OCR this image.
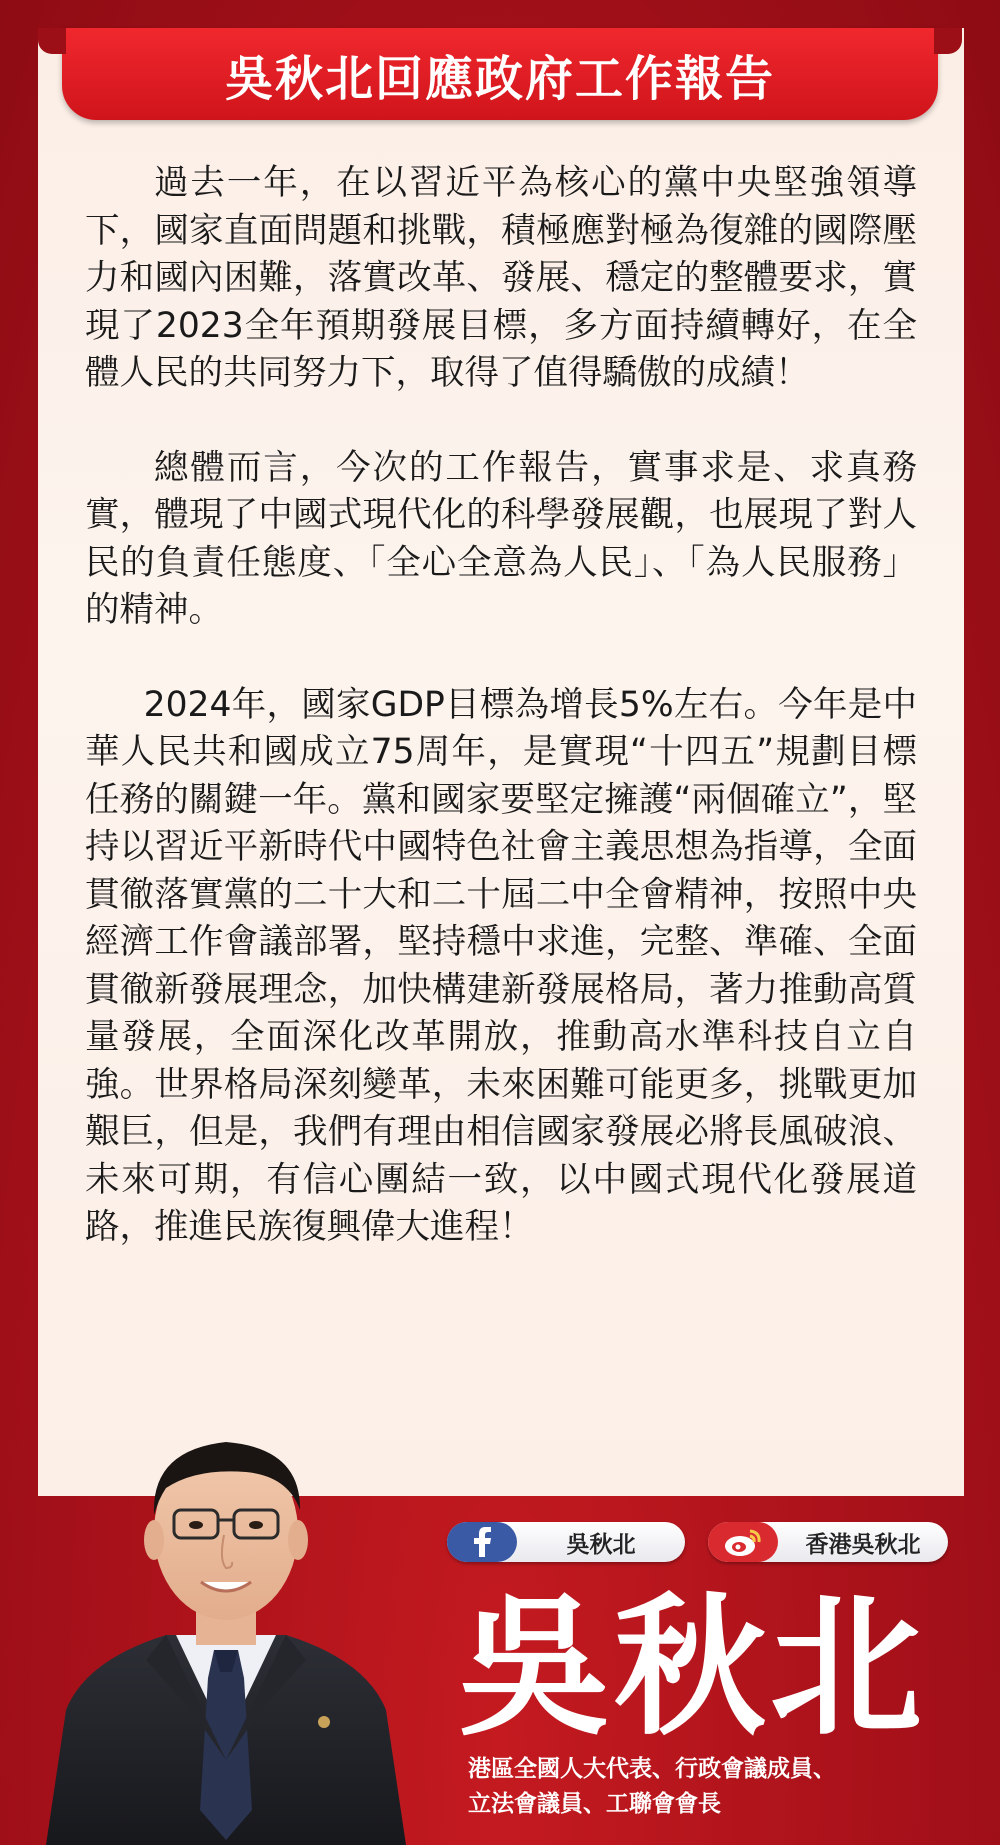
吳秋北回應政府工作報告

過去一年，在以習近平為核心的黨中央堅強領導下，國家直面問題和挑戰，積極應對極為復雜的國際壓力和國內困難，落實改革、發展、穩定的整體要求，實現了2023全年預期發展目標，多方面持續轉好，在全體人民的共同努力下，取得了值得驕傲的成績！

總體而言，今次的工作報告，實事求是、求真務實，體現了中國式現代化的科學發展觀，也展現了對人民的負責任態度、「全心全意為人民」、「為人民服務」的精神。

2024年，國家GDP目標為增長5%左右。今年是中華人民共和國成立75周年，是實現“十四五”規劃目標任務的關鍵一年。黨和國家要堅定擁護“兩個確立”，堅持以習近平新時代中國特色社會主義思想為指導，全面貫徹落實黨的二十大和二十屆二中全會精神，按照中央經濟工作會議部署，堅持穩中求進，完整、準確、全面貫徹新發展理念，加快構建新發展格局，著力推動高質量發展，全面深化改革開放，推動高水準科技自立自強。世界格局深刻變革，未來困難可能更多，挑戰更加艱巨，但是，我們有理由相信國家發展必將長風破浪、未來可期，有信心團結一致，以中國式現代化發展道路，推進民族復興偉大進程！

吳秋北	香港吳秋北
吳秋北
港區全國人大代表、行政會議成員、
立法會議員、工聯會會長
